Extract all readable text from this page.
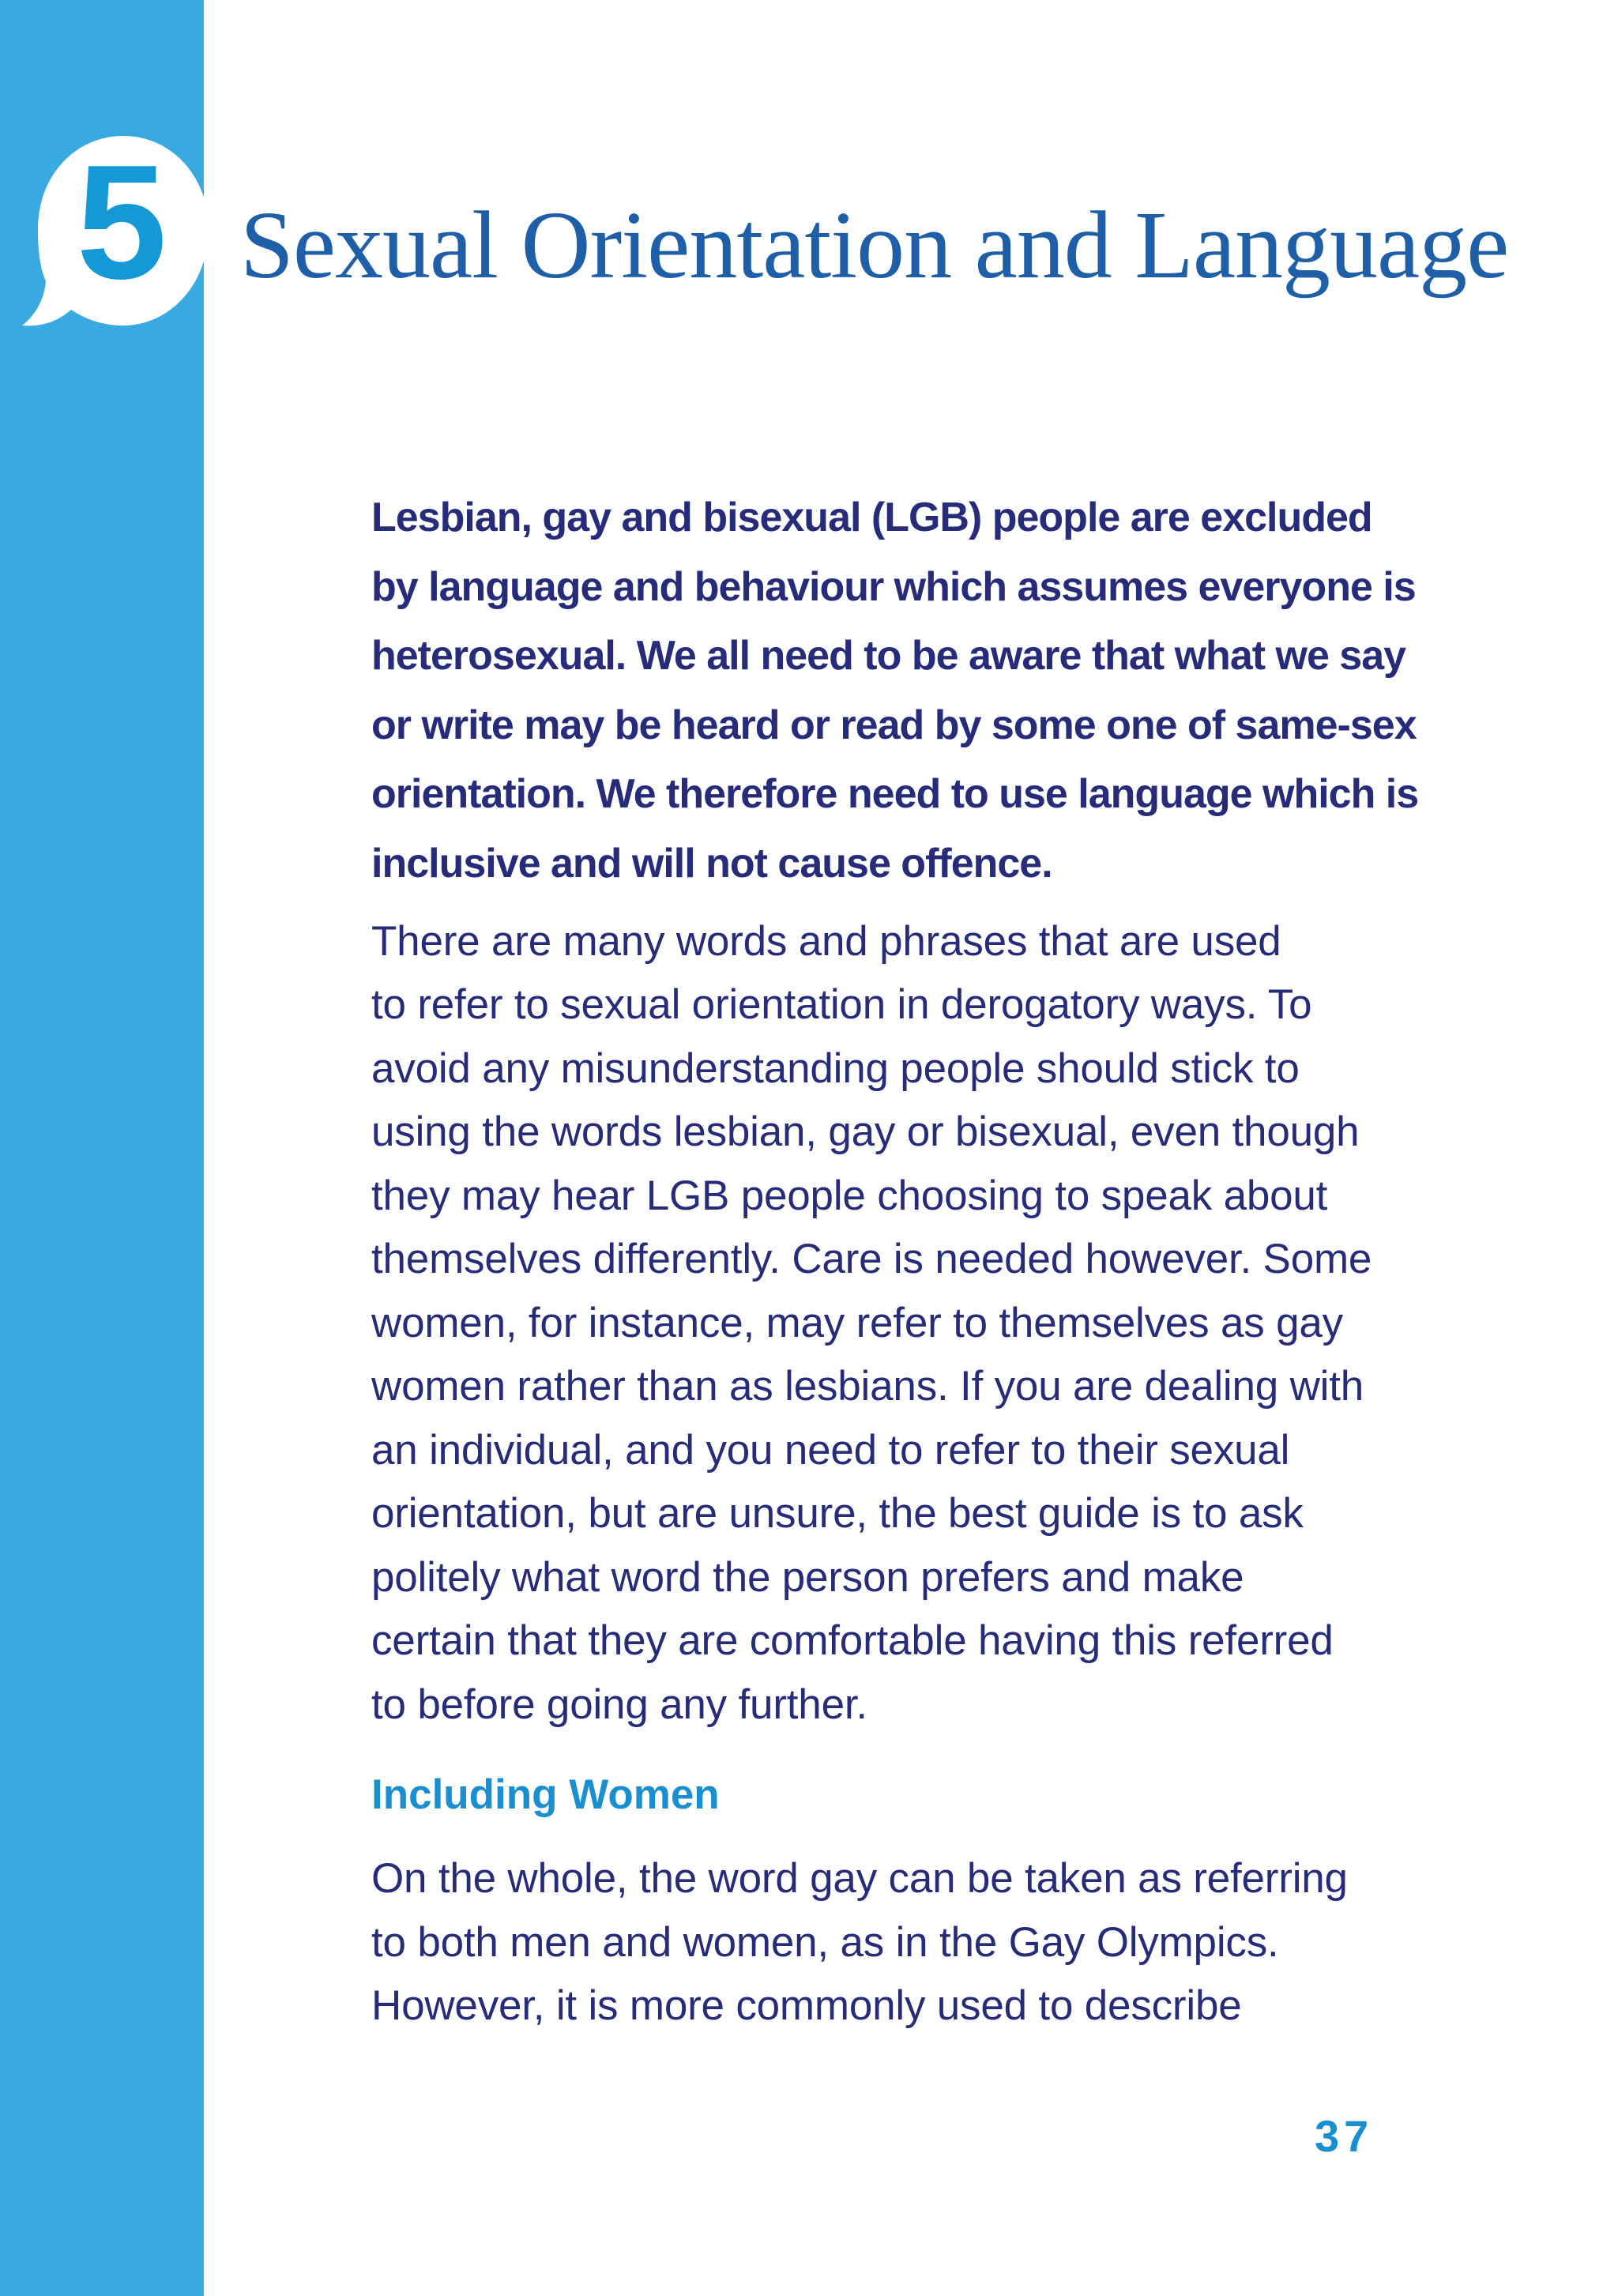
5 Sexual Orientation and Language

Lesbian, gay and bisexual (LGB) people are excluded
by language and behaviour which assumes everyone is
heterosexual. We all need to be aware that what we say
or write may be heard or read by some one of same-sex
orientation. We therefore need to use language which is
inclusive and will not cause offence.

There are many words and phrases that are used
to refer to sexual orientation in derogatory ways. To
avoid any misunderstanding people should stick to
using the words lesbian, gay or bisexual, even though
they may hear LGB people choosing to speak about
themselves differently. Care is needed however. Some
women, for instance, may refer to themselves as gay
women rather than as lesbians. If you are dealing with
an individual, and you need to refer to their sexual
orientation, but are unsure, the best guide is to ask
politely what word the person prefers and make
certain that they are comfortable having this referred
to before going any further.

Including Women

On the whole, the word gay can be taken as referring
to both men and women, as in the Gay Olympics.
However, it is more commonly used to describe

37
